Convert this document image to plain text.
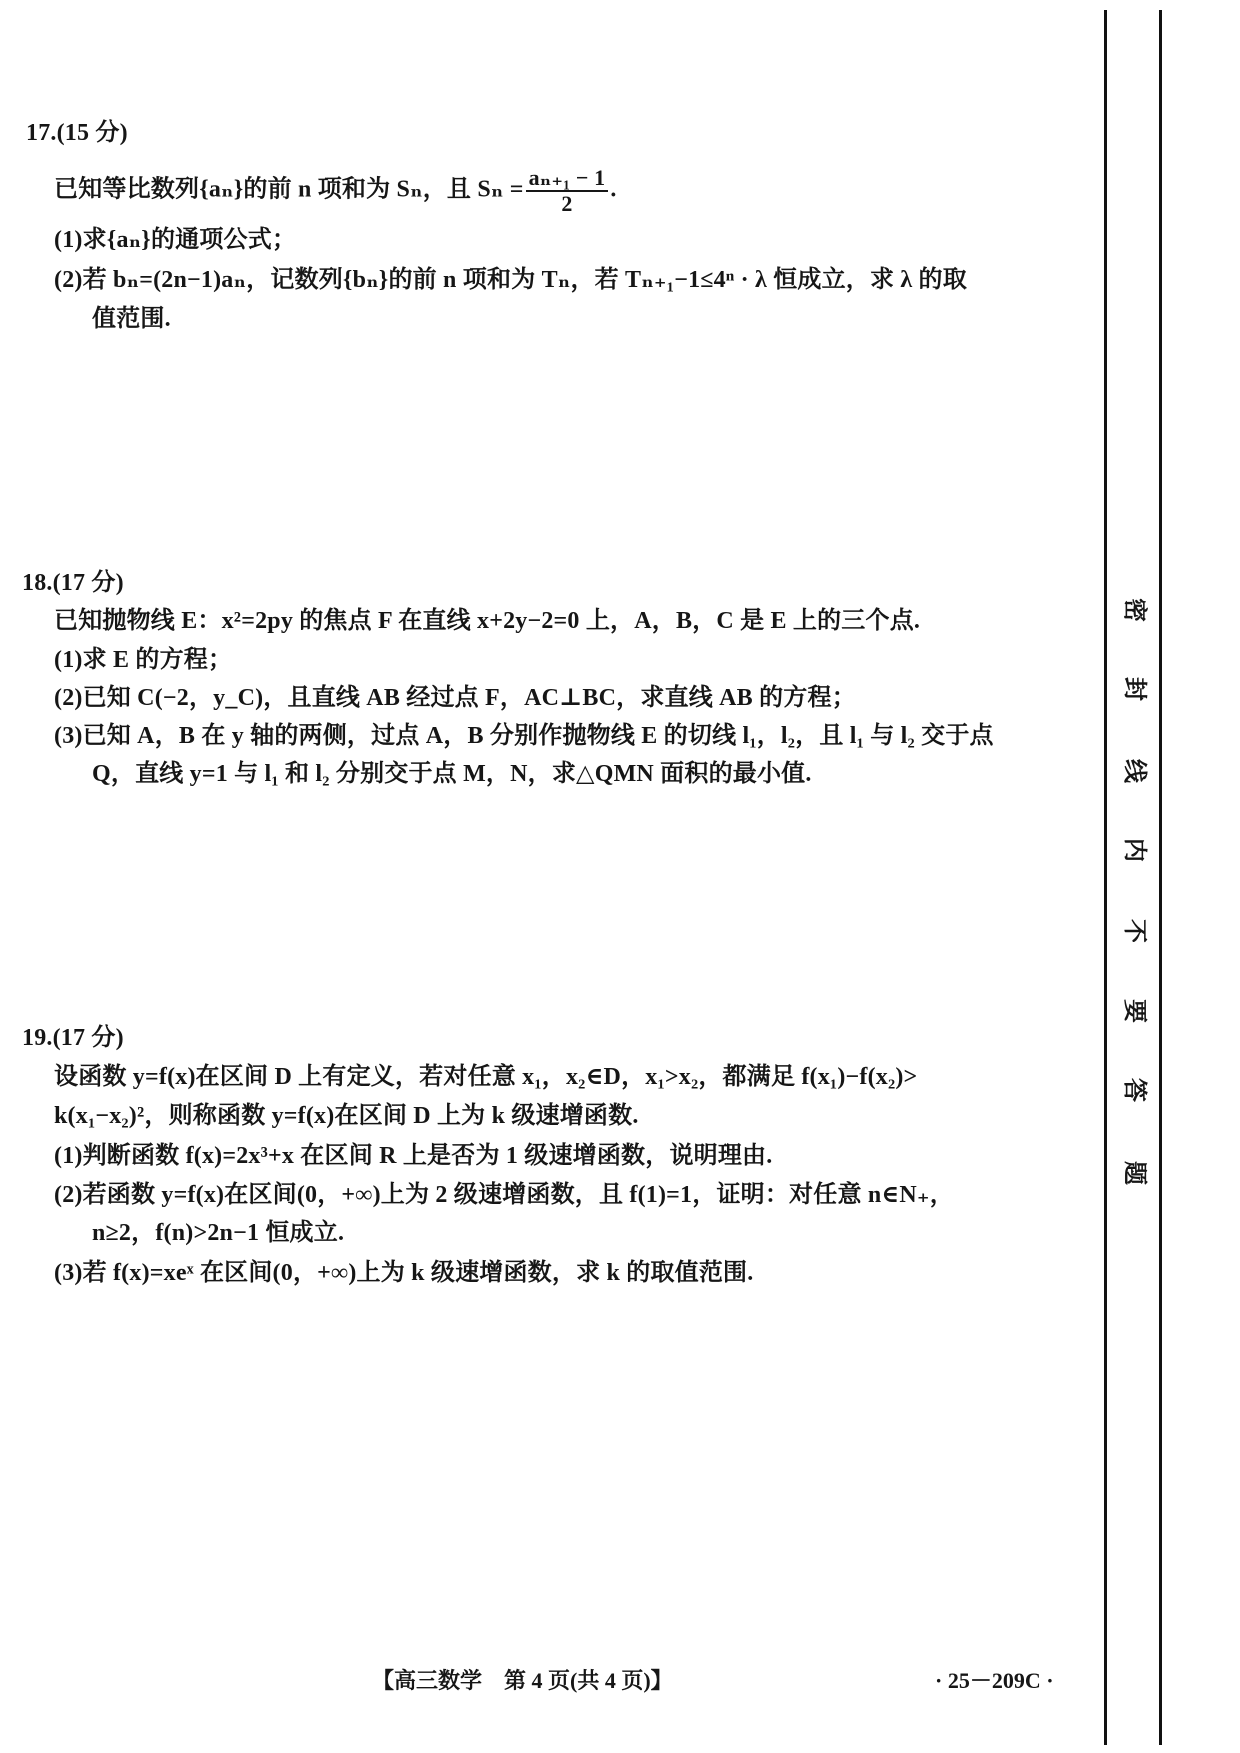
17.(15 分)
已知等比数列{aₙ}的前 n 项和为 Sₙ，且 $S_n = \frac{\text{aₙ₊₁ − 1}}{2}$ .
(1)求{aₙ}的通项公式；
(2)若 bₙ=(2n−1)aₙ，记数列{bₙ}的前 n 项和为 Tₙ，若 Tₙ₊₁−1≤4ⁿ · λ 恒成立，求 λ 的取
值范围.
18.(17 分)
已知抛物线 E：x²=2py 的焦点 F 在直线 x+2y−2=0 上，A，B，C 是 E 上的三个点.
(1)求 E 的方程；
(2)已知 C(−2，y_C)，且直线 AB 经过点 F，AC⊥BC，求直线 AB 的方程；
(3)已知 A，B 在 y 轴的两侧，过点 A，B 分别作抛物线 E 的切线 l₁，l₂，且 l₁ 与 l₂ 交于点
Q，直线 y=1 与 l₁ 和 l₂ 分别交于点 M，N，求△QMN 面积的最小值.
19.(17 分)
设函数 y=f(x)在区间 D 上有定义，若对任意 x₁，x₂∈D，x₁>x₂，都满足 f(x₁)−f(x₂)>
k(x₁−x₂)²，则称函数 y=f(x)在区间 D 上为 k 级速增函数.
(1)判断函数 f(x)=2x³+x 在区间 R 上是否为 1 级速增函数，说明理由.
(2)若函数 y=f(x)在区间(0，+∞)上为 2 级速增函数，且 f(1)=1，证明：对任意 n∈N₊，
n≥2，f(n)>2n−1 恒成立.
(3)若 f(x)=xeˣ 在区间(0，+∞)上为 k 级速增函数，求 k 的取值范围.
密
封
线
内
不
要
答
题
【高三数学　第 4 页(共 4 页)】	· 25－209C ·
